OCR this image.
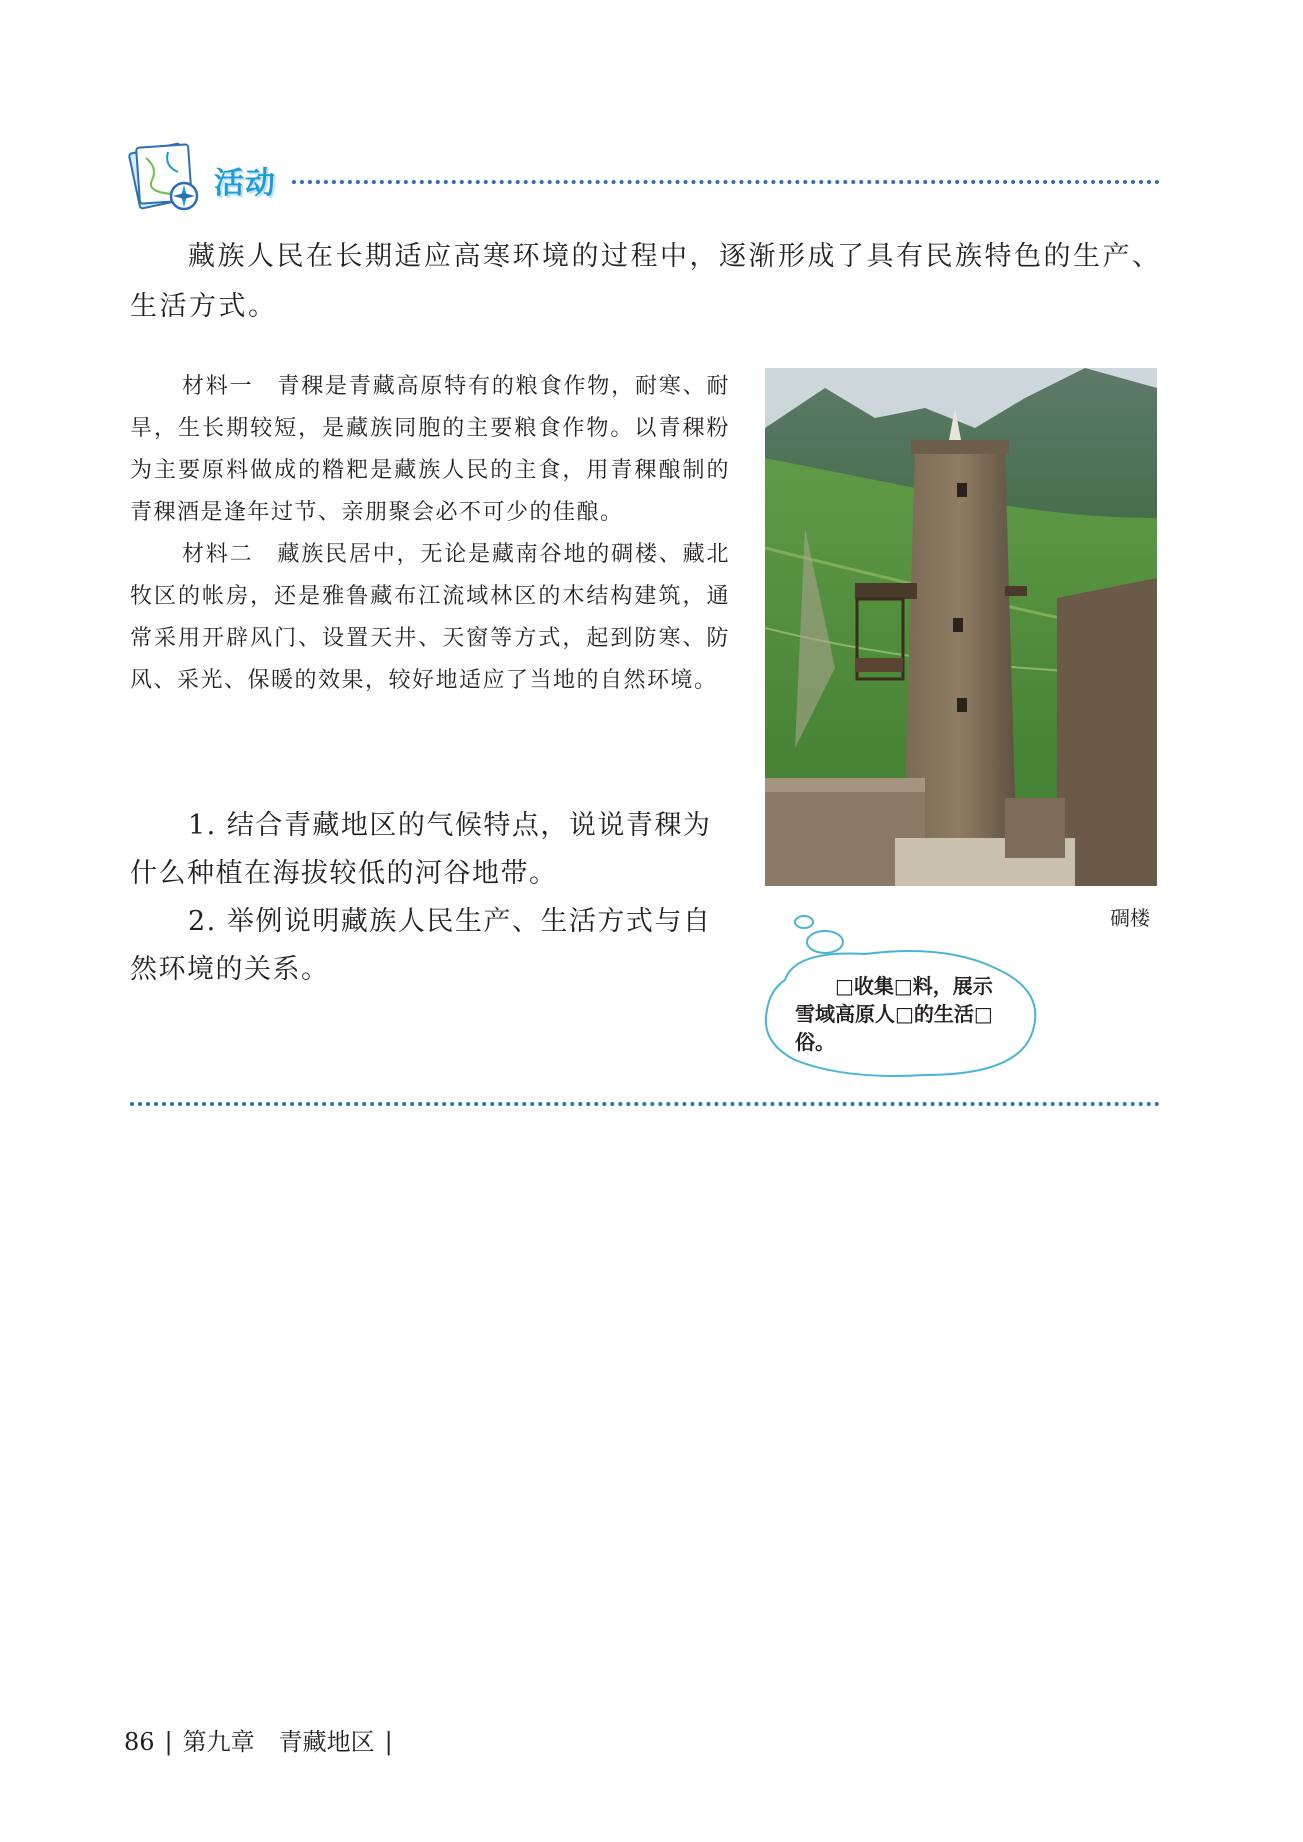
活动
藏族人民在长期适应高寒环境的过程中，逐渐形成了具有民族特色的生产、生活方式。

材料一　青稞是青藏高原特有的粮食作物，耐寒、耐旱，生长期较短，是藏族同胞的主要粮食作物。以青稞粉为主要原料做成的糌粑是藏族人民的主食，用青稞酿制的青稞酒是逢年过节、亲朋聚会必不可少的佳酿。

材料二　藏族民居中，无论是藏南谷地的碉楼、藏北牧区的帐房，还是雅鲁藏布江流域林区的木结构建筑，通常采用开辟风门、设置天井、天窗等方式，起到防寒、防风、采光、保暖的效果，较好地适应了当地的自然环境。

1. 结合青藏地区的气候特点，说说青稞为什么种植在海拔较低的河谷地带。

2. 举例说明藏族人民生产、生活方式与自然环境的关系。

碉楼
□收集□料，展示雪域高原人□的生活□俗。
86 | 第九章　青藏地区 |
